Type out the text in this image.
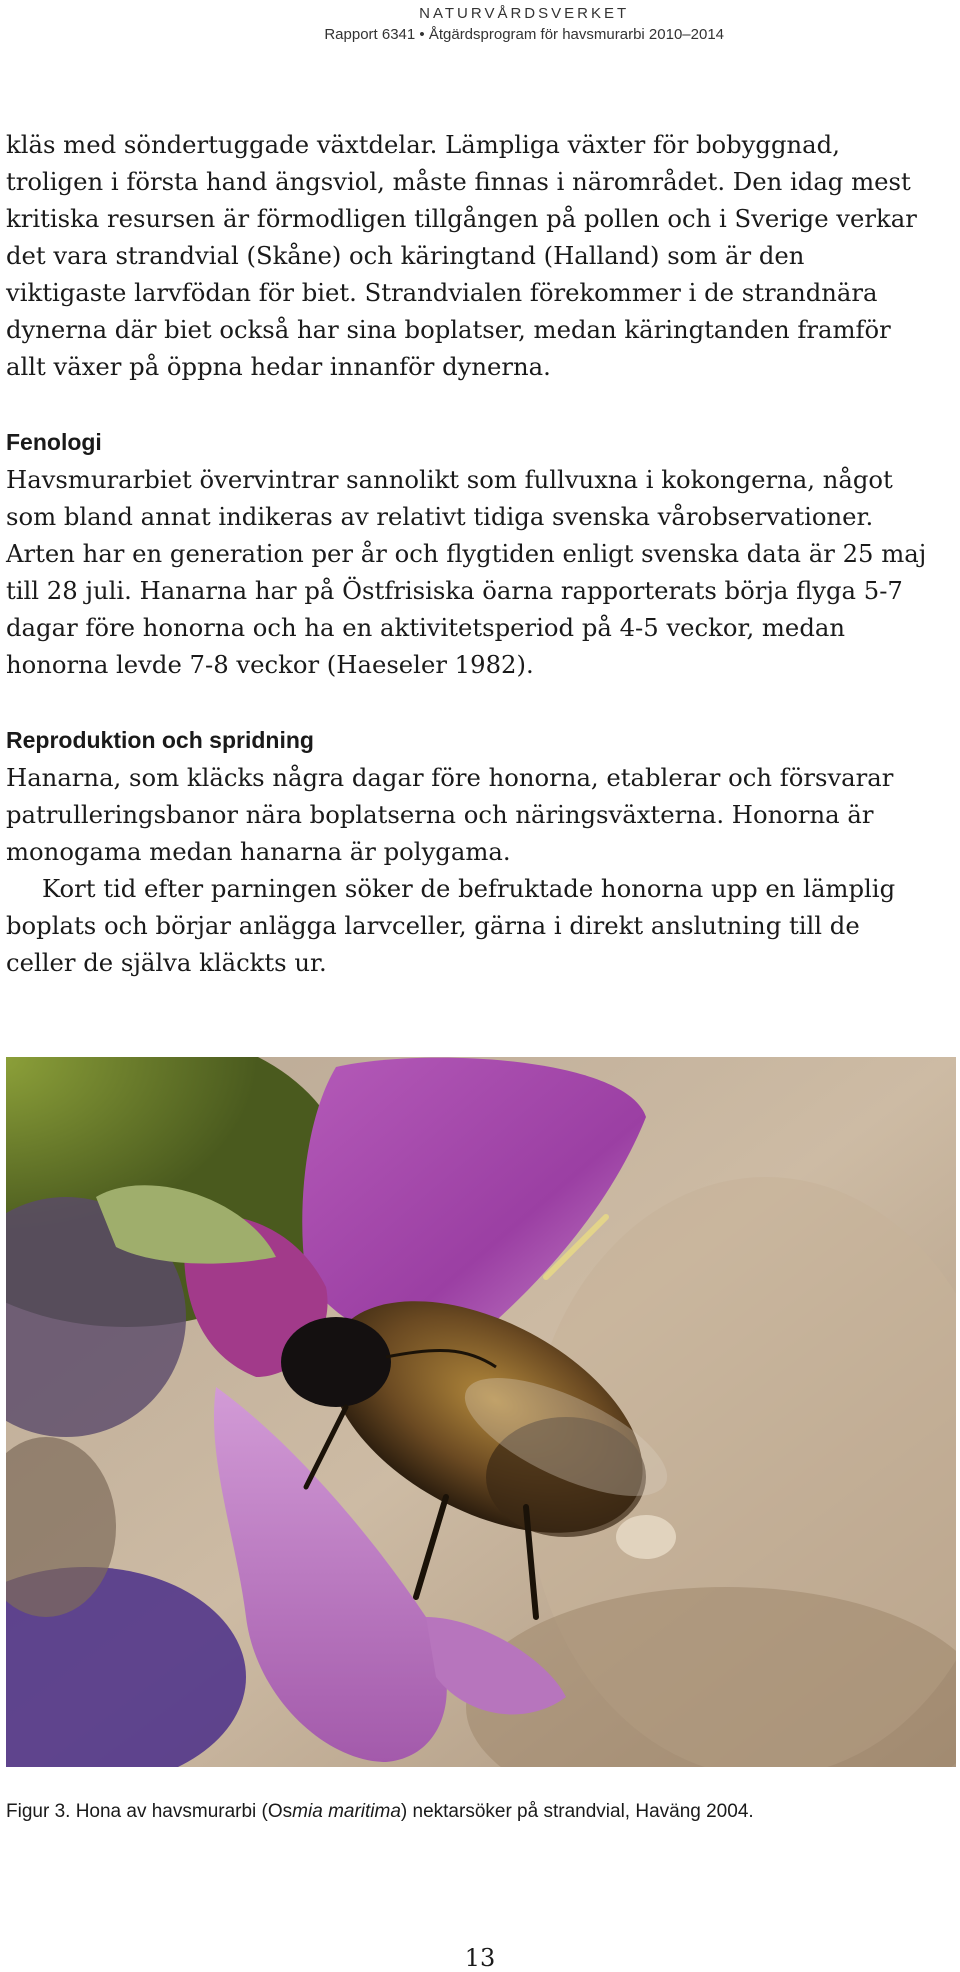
NATURVÅRDSVERKET
Rapport 6341 • Åtgärdsprogram för havsmurarbi 2010–2014

kläs med söndertuggade växtdelar. Lämpliga växter för bobyggnad, troligen i första hand ängsviol, måste finnas i närområdet. Den idag mest kritiska resursen är förmodligen tillgången på pollen och i Sverige verkar det vara strandvial (Skåne) och käringtand (Halland) som är den viktigaste larvfödan för biet. Strandvialen förekommer i de strandnära dynerna där biet också har sina boplatser, medan käringtanden framför allt växer på öppna hedar innanför dynerna.

Fenologi

Havsmurarbiet övervintrar sannolikt som fullvuxna i kokongerna, något som bland annat indikeras av relativt tidiga svenska vårobservationer. Arten har en generation per år och flygtiden enligt svenska data är 25 maj till 28 juli. Hanarna har på Östfrisiska öarna rapporterats börja flyga 5-7 dagar före honorna och ha en aktivitetsperiod på 4-5 veckor, medan honorna levde 7-8 veckor (Haeseler 1982).

Reproduktion och spridning

Hanarna, som kläcks några dagar före honorna, etablerar och försvarar patrulleringsbanor nära boplatserna och näringsväxterna. Honorna är monogama medan hanarna är polygama.

Kort tid efter parningen söker de befruktade honorna upp en lämplig boplats och börjar anlägga larvceller, gärna i direkt anslutning till de celler de själva kläckts ur.

Figur 3. Hona av havsmurarbi (Osmia maritima) nektarsöker på strandvial, Haväng 2004.
13
